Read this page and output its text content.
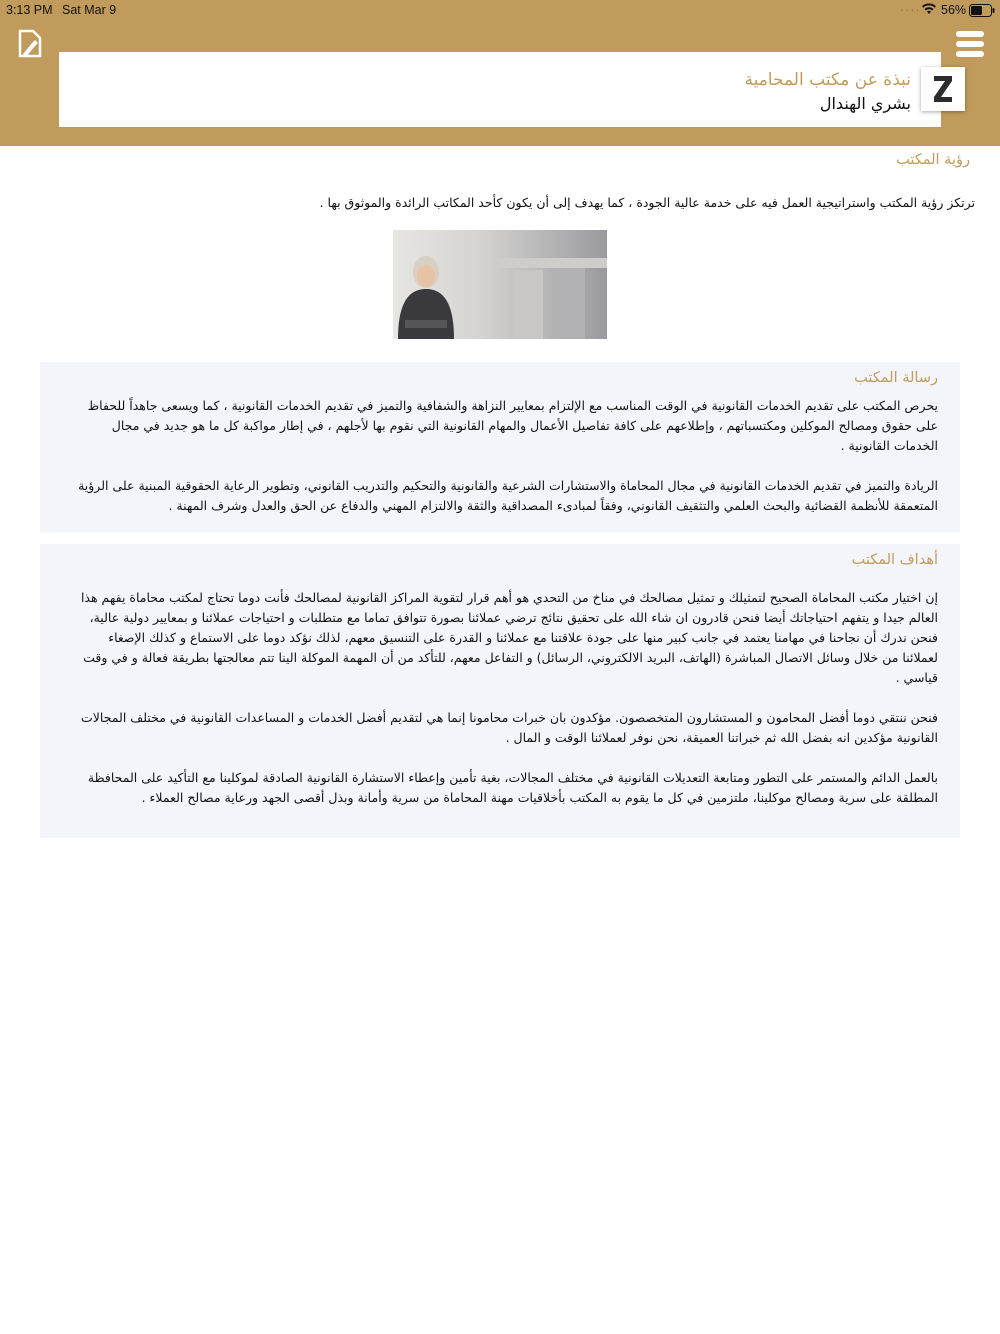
3:13 PM Sat Mar 9	···· 56%
نبذة عن مكتب المحامية
بشري الهندال
رؤية المكتب
ترتكز رؤية المكتب واستراتيجية العمل فيه على خدمة عالية الجودة ، كما يهدف إلى أن يكون كأحد المكاتب الرائدة والموثوق بها .
رسالة المكتب
يحرص المكتب على تقديم الخدمات القانونية في الوقت المناسب مع الإلتزام بمعايير النزاهة والشفافية والتميز في تقديم الخدمات القانونية ، كما ويسعى جاهداً للحفاظ على حقوق ومصالح الموكلين ومكتسباتهم ، وإطلاعهم على كافة تفاصيل الأعمال والمهام القانونية التي نقوم بها لأجلهم ، في إطار مواكبة كل ما هو جديد في مجال الخدمات القانونية .
الريادة والتميز في تقديم الخدمات القانونية في مجال المحاماة والاستشارات الشرعية والقانونية والتحكيم والتدريب القانوني، وتطوير الرعاية الحقوقية المبنية على الرؤية المتعمقة للأنظمة القضائية والبحث العلمي والتثقيف القانوني، وفقاً لمبادىء المصداقية والثقة والالتزام المهني والدفاع عن الحق والعدل وشرف المهنة .
أهداف المكتب
إن اختيار مكتب المحاماة الصحيح لتمثيلك و تمثيل مصالحك في مناخ من التحدي هو أهم قرار لتقوية المراكز القانونية لمصالحك فأنت دوما تحتاج لمكتب محاماة يفهم هذا العالم جيدا و يتفهم احتياجاتك أيضا فنحن قادرون ان شاء الله على تحقيق نتائج ترضي عملائنا بصورة تتوافق تماما مع متطلبات و احتياجات عملائنا و بمعايير دولية عالية، فنحن ندرك أن نجاحنا في مهامنا يعتمد في جانب كبير منها على جودة علاقتنا مع عملائنا و القدرة على التنسيق معهم، لذلك نؤكد دوما على الاستماع و كذلك الإصغاء لعملائنا من خلال وسائل الاتصال المباشرة (الهاتف، البريد الالكتروني، الرسائل) و التفاعل معهم، للتأكد من أن المهمة الموكلة الينا تتم معالجتها بطريقة فعالة و في وقت قياسي .
فنحن ننتقي دوما أفضل المحامون و المستشارون المتخصصون. مؤكدون بان خبرات محامونا إنما هي لتقديم أفضل الخدمات و المساعدات القانونية في مختلف المجالات القانونية مؤكدين انه بفضل الله ثم خبراتنا العميقة، نحن نوفر لعملائنا الوقت و المال .
بالعمل الدائم والمستمر على التطور ومتابعة التعديلات القانونية في مختلف المجالات، بغية تأمين وإعطاء الاستشارة القانونية الصادقة لموكلينا مع التأكيد على المحافظة المطلقة على سرية ومصالح موكلينا، ملتزمين في كل ما يقوم به المكتب بأخلاقيات مهنة المحاماة من سرية وأمانة وبذل أقصى الجهد ورعاية مصالح العملاء .
